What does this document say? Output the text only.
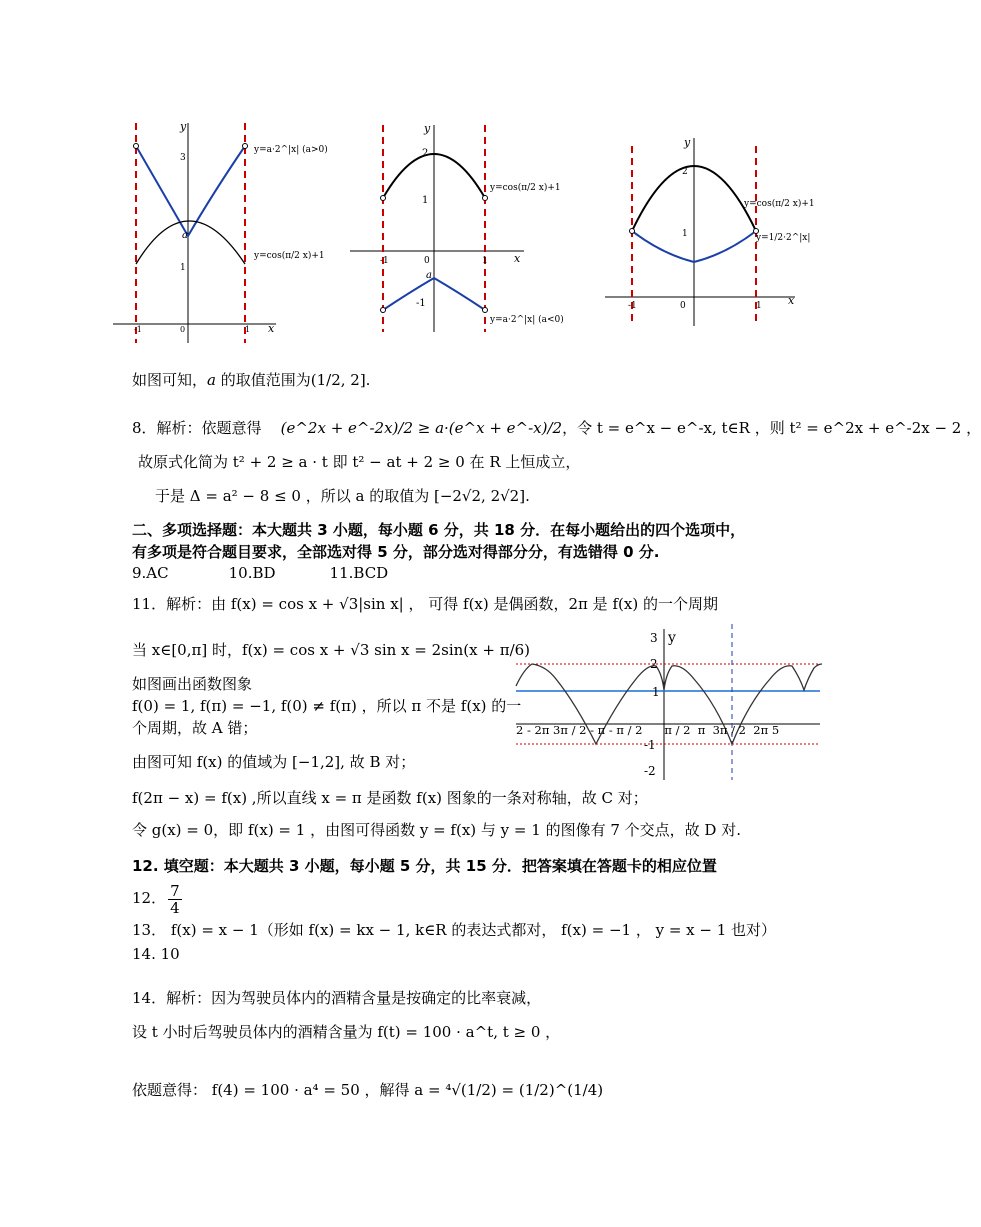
y
x
3
1
a
-1	0	1
y=a·2^|x| (a>0)
y=cos(π/2 x)+1
y
x
2
1
-1
-1	0	1
a
y=cos(π/2 x)+1
y=a·2^|x| (a<0)
y
x
2
1
-1	0	1
y=cos(π/2 x)+1
y=1/2·2^|x|
如图可知，a 的取值范围为(1/2, 2].
8．解析：依题意得 (e^2x + e^-2x)/2 ≥ a·(e^x + e^-x)/2，令 t = e^x − e^-x, t∈R ，则 t² = e^2x + e^-2x − 2 ，
故原式化简为 t² + 2 ≥ a · t 即 t² − at + 2 ≥ 0 在 R 上恒成立，
于是 Δ = a² − 8 ≤ 0 ，所以 a 的取值为 [−2√2, 2√2].
二、多项选择题：本大题共 3 小题，每小题 6 分，共 18 分．在每小题给出的四个选项中，
有多项是符合题目要求，全部选对得 5 分，部分选对得部分分，有选错得 0 分.
9.AC	10.BD	11.BCD
11．解析：由 f(x) = cos x + √3|sin x| ， 可得 f(x) 是偶函数，2π 是 f(x) 的一个周期
当 x∈[0,π] 时，f(x) = cos x + √3 sin x = 2sin(x + π/6)
如图画出函数图象
f(0) = 1, f(π) = −1, f(0) ≠ f(π) ，所以 π 不是 f(x) 的一
个周期，故 A 错；
由图可知 f(x) 的值域为 [−1,2], 故 B 对；
f(2π − x) = f(x) ,所以直线 x = π 是函数 f(x) 图象的一条对称轴，故 C 对；
令 g(x) = 0，即 f(x) = 1 ，由图可得函数 y = f(x) 与 y = 1 的图像有 7 个交点，故 D 对.
y
3
2
1
-1
-2
2 - 2π 3π / 2 - π - π / 2      π / 2  π  3π / 2  2π 5
12. 填空题：本大题共 3 小题，每小题 5 分，共 15 分．把答案填在答题卡的相应位置
12． $\frac{7}{4}$
13． f(x) = x − 1（形如 f(x) = kx − 1, k∈R 的表达式都对， f(x) = −1 ， y = x − 1 也对）
14. 10
14．解析：因为驾驶员体内的酒精含量是按确定的比率衰减，
设 t 小时后驾驶员体内的酒精含量为 f(t) = 100 · a^t, t ≥ 0 ，
依题意得： f(4) = 100 · a⁴ = 50 ，解得 a = ⁴√(1/2) = (1/2)^(1/4)
